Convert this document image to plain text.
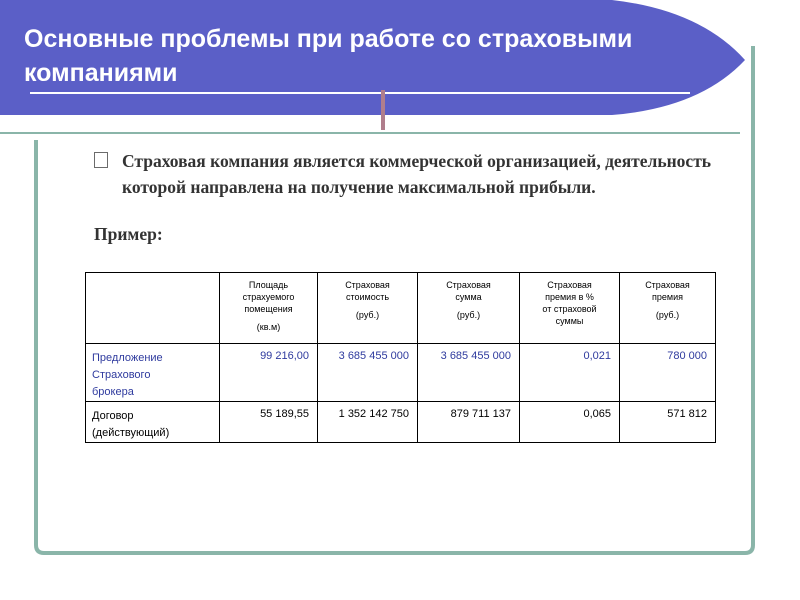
Основные проблемы при работе со страховыми компаниями
Страховая компания является коммерческой организацией, деятельность которой направлена на получение максимальной прибыли.
Пример:

	Площадь
страхуемого
помещения
(кв.м)	Страховая
стоимость
(руб.)	Страховая
сумма
(руб.)	Страховая
премия в %
от страховой
суммы	Страховая
премия
(руб.)

Предложение
Страхового
брокера	99 216,00	3 685 455 000	3 685 455 000	0,021	780 000

Договор
(действующий)	55 189,55	1 352 142 750	879 711 137	0,065	571 812
